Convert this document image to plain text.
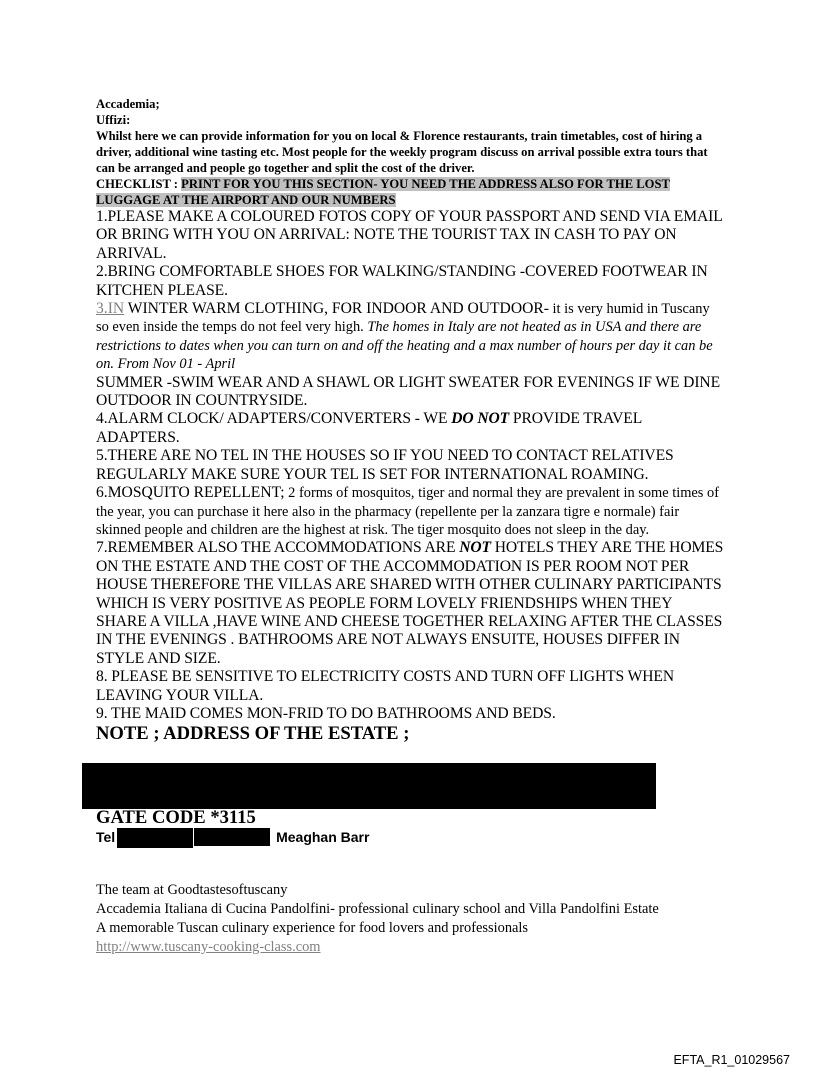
Accademia;
Uffizi:
Whilst here we can provide information for you on local & Florence restaurants, train timetables, cost of hiring a driver, additional wine tasting etc. Most people for the weekly program discuss on arrival possible extra tours that can be arranged and people go together and split the cost of the driver.
CHECKLIST : PRINT FOR YOU THIS SECTION- YOU NEED THE ADDRESS ALSO FOR THE LOST LUGGAGE AT THE AIRPORT AND OUR NUMBERS
1.PLEASE MAKE A COLOURED FOTOS COPY OF YOUR PASSPORT AND SEND VIA EMAIL OR BRING WITH YOU ON ARRIVAL: NOTE THE TOURIST TAX IN CASH TO PAY ON ARRIVAL.
2.BRING COMFORTABLE SHOES FOR WALKING/STANDING -COVERED FOOTWEAR IN KITCHEN PLEASE.
3.IN WINTER WARM CLOTHING, FOR INDOOR AND OUTDOOR- it is very humid in Tuscany so even inside the temps do not feel very high. The homes in Italy are not heated as in USA and there are restrictions to dates when you can turn on and off the heating and a max number of hours per day it can be on. From Nov 01 - April
SUMMER -SWIM WEAR AND A SHAWL OR LIGHT SWEATER FOR EVENINGS IF WE DINE OUTDOOR IN COUNTRYSIDE.
4.ALARM CLOCK/ ADAPTERS/CONVERTERS - WE DO NOT PROVIDE TRAVEL ADAPTERS.
5.THERE ARE NO TEL IN THE HOUSES SO IF YOU NEED TO CONTACT RELATIVES REGULARLY MAKE SURE YOUR TEL IS SET FOR INTERNATIONAL ROAMING.
6.MOSQUITO REPELLENT; 2 forms of mosquitos, tiger and normal they are prevalent in some times of the year, you can purchase it here also in the pharmacy (repellente per la zanzara tigre e normale) fair skinned people and children are the highest at risk. The tiger mosquito does not sleep in the day.
7.REMEMBER ALSO THE ACCOMMODATIONS ARE NOT HOTELS THEY ARE THE HOMES ON THE ESTATE AND THE COST OF THE ACCOMMODATION IS PER ROOM NOT PER HOUSE THEREFORE THE VILLAS ARE SHARED WITH OTHER CULINARY PARTICIPANTS WHICH IS VERY POSITIVE AS PEOPLE FORM LOVELY FRIENDSHIPS WHEN THEY SHARE A VILLA ,HAVE WINE AND CHEESE TOGETHER RELAXING AFTER THE CLASSES IN THE EVENINGS . BATHROOMS ARE NOT ALWAYS ENSUITE, HOUSES DIFFER IN STYLE AND SIZE.
8. PLEASE BE SENSITIVE TO ELECTRICITY COSTS AND TURN OFF LIGHTS WHEN LEAVING YOUR VILLA.
9. THE MAID COMES MON-FRID TO DO BATHROOMS AND BEDS.
NOTE ; ADDRESS OF THE ESTATE ;
GATE CODE *3115
Tel	Meaghan Barr
The team at Goodtastesoftuscany
Accademia Italiana di Cucina Pandolfini- professional culinary school and Villa Pandolfini Estate
A memorable Tuscan culinary experience for food lovers and professionals
http://www.tuscany-cooking-class.com
EFTA_R1_01029567
